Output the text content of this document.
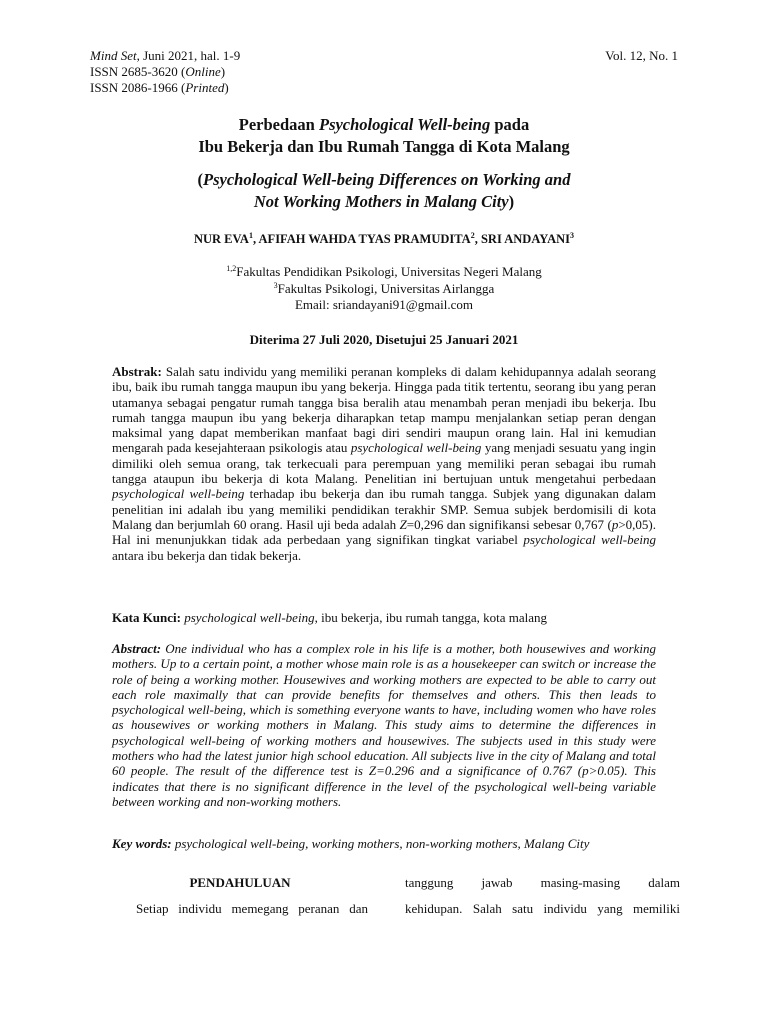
Mind Set, Juni 2021, hal. 1-9
ISSN 2685-3620 (Online)
ISSN 2086-1966 (Printed)
Vol. 12, No. 1
Perbedaan Psychological Well-being pada
Ibu Bekerja dan Ibu Rumah Tangga di Kota Malang
(Psychological Well-being Differences on Working and
Not Working Mothers in Malang City)
NUR EVA$^1$, AFIFAH WAHDA TYAS PRAMUDITA$^2$, SRI ANDAYANI$^3$
$^{1,2}$Fakultas Pendidikan Psikologi, Universitas Negeri Malang
$^3$Fakultas Psikologi, Universitas Airlangga
Email: sriandayani91@gmail.com
Diterima 27 Juli 2020, Disetujui 25 Januari 2021
Abstrak: Salah satu individu yang memiliki peranan kompleks di dalam kehidupannya adalah seorang ibu, baik ibu rumah tangga maupun ibu yang bekerja. Hingga pada titik tertentu, seorang ibu yang peran utamanya sebagai pengatur rumah tangga bisa beralih atau menambah peran menjadi ibu bekerja. Ibu rumah tangga maupun ibu yang bekerja diharapkan tetap mampu menjalankan setiap peran dengan maksimal yang dapat memberikan manfaat bagi diri sendiri maupun orang lain. Hal ini kemudian mengarah pada kesejahteraan psikologis atau psychological well-being yang menjadi sesuatu yang ingin dimiliki oleh semua orang, tak terkecuali para perempuan yang memiliki peran sebagai ibu rumah tangga ataupun ibu bekerja di kota Malang. Penelitian ini bertujuan untuk mengetahui perbedaan psychological well-being terhadap ibu bekerja dan ibu rumah tangga. Subjek yang digunakan dalam penelitian ini adalah ibu yang memiliki pendidikan terakhir SMP. Semua subjek berdomisili di kota Malang dan berjumlah 60 orang. Hasil uji beda adalah Z=0,296 dan signifikansi sebesar 0,767 (p>0,05). Hal ini menunjukkan tidak ada perbedaan yang signifikan tingkat variabel psychological well-being antara ibu bekerja dan tidak bekerja.
Kata Kunci: psychological well-being, ibu bekerja, ibu rumah tangga, kota malang
Abstract: One individual who has a complex role in his life is a mother, both housewives and working mothers. Up to a certain point, a mother whose main role is as a housekeeper can switch or increase the role of being a working mother. Housewives and working mothers are expected to be able to carry out each role maximally that can provide benefits for themselves and others. This then leads to psychological well-being, which is something everyone wants to have, including women who have roles as housewives or working mothers in Malang. This study aims to determine the differences in psychological well-being of working mothers and housewives. The subjects used in this study were mothers who had the latest junior high school education. All subjects live in the city of Malang and total 60 people. The result of the difference test is Z=0.296 and a significance of 0.767 (p>0.05). This indicates that there is no significant difference in the level of the psychological well-being variable between working and non-working mothers.
Key words: psychological well-being, working mothers, non-working mothers, Malang City
PENDAHULUAN
Setiap individu memegang peranan dan
tanggung jawab masing-masing dalam
kehidupan. Salah satu individu yang memiliki
